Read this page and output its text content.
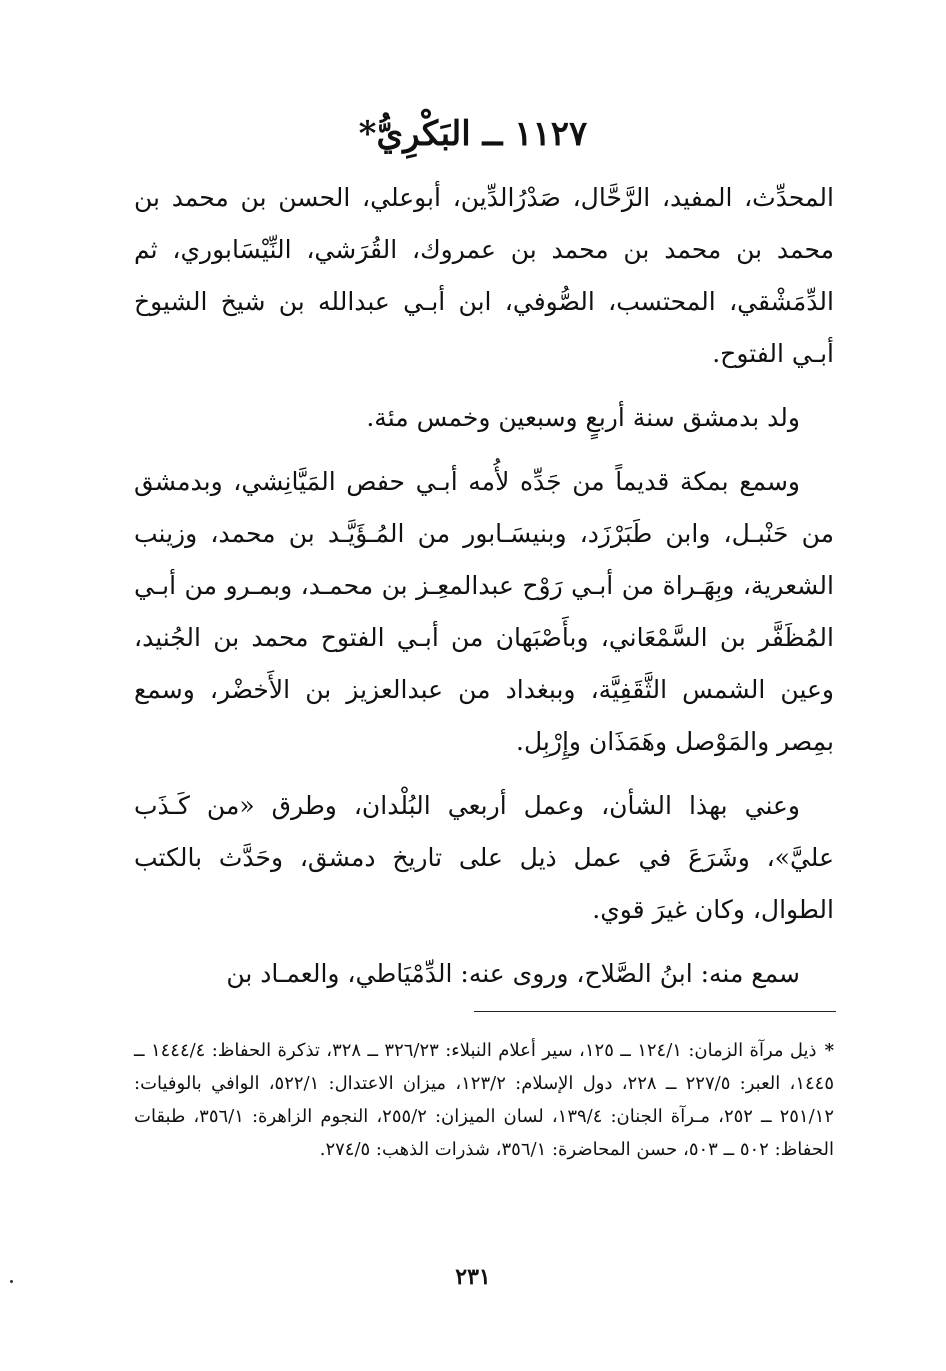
١١٢٧ ــ البَكْرِيُّ*

المحدِّث، المفيد، الرَّحَّال، صَدْرُالدِّين، أبوعلي، الحسن بن محمد بن محمد بن محمد بن محمد بن عمروك، القُرَشي، النِّيْسَابوري، ثم الدِّمَشْقي، المحتسب، الصُّوفي، ابن أبـي عبدالله بن شيخ الشيوخ أبـي الفتوح.

ولد بدمشق سنة أربعٍ وسبعين وخمس مئة.

وسمع بمكة قديماً من جَدِّه لأُمه أبـي حفص المَيَّانِشي، وبدمشق من حَنْبـل، وابن طَبَرْزَد، وبنيسَـابور من المُـؤَيَّـد بن محمد، وزينب الشعرية، وبِهَـراة من أبـي رَوْح عبدالمعِـز بن محمـد، وبمـرو من أبـي المُظَفَّر بن السَّمْعَاني، وبأَصْبَهان من أبـي الفتوح محمد بن الجُنيد، وعين الشمس الثَّقَفِيَّة، وببغداد من عبدالعزيز بن الأَخضْر، وسمع بمِصر والمَوْصل وهَمَذَان وإِرْبِل.

وعني بهذا الشأن، وعمل أربعي البُلْدان، وطرق «من كَـذَب عليَّ»، وشَرَعَ في عمل ذيل على تاريخ دمشق، وحَدَّث بالكتب الطوال، وكان غيرَ قوي.

سمع منه: ابنُ الصَّلاح، وروى عنه: الدِّمْيَاطي، والعمـاد بن

*ذيل مرآة الزمان: ١٢٤/١ ــ ١٢٥، سير أعلام النبلاء: ٣٢٦/٢٣ ــ ٣٢٨، تذكرة الحفاظ: ١٤٤٤/٤ ــ ١٤٤٥، العبر: ٢٢٧/٥ ــ ٢٢٨، دول الإسلام: ١٢٣/٢، ميزان الاعتدال: ٥٢٢/١، الوافي بالوفيات: ٢٥١/١٢ ــ ٢٥٢، مـرآة الجنان: ١٣٩/٤، لسان الميزان: ٢٥٥/٢، النجوم الزاهرة: ٣٥٦/١، طبقات الحفاظ: ٥٠٢ ــ ٥٠٣، حسن المحاضرة: ٣٥٦/١، شذرات الذهب: ٢٧٤/٥.
٢٣١
